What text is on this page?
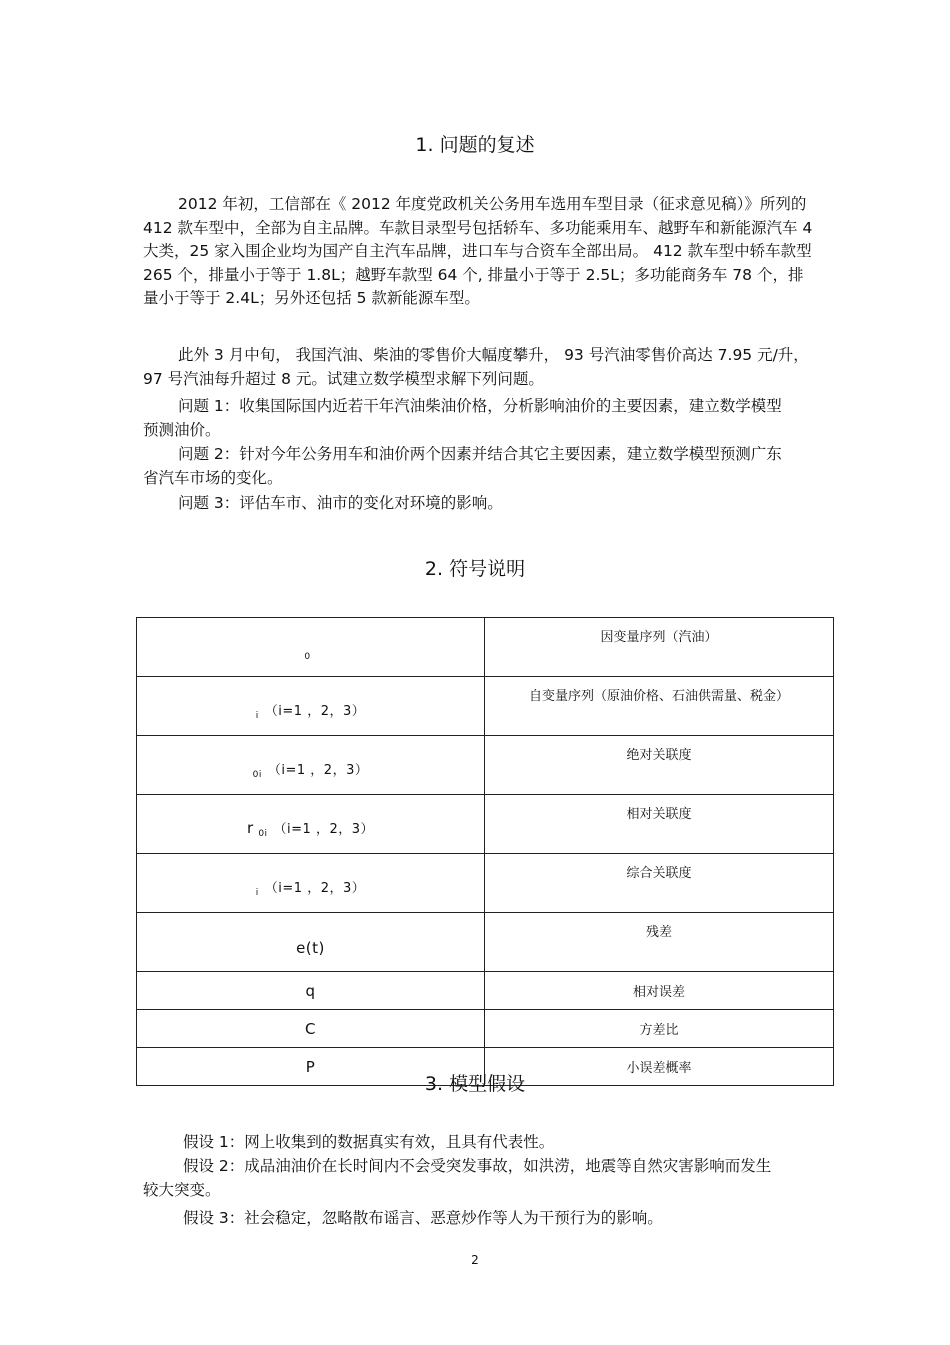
1. 问题的复述

2012 年初，工信部在《 2012 年度党政机关公务用车选用车型目录（征求意见稿）》所列的 412 款车型中，全部为自主品牌。车款目录型号包括轿车、多功能乘用车、越野车和新能源汽车 4 大类，25 家入围企业均为国产自主汽车品牌，进口车与合资车全部出局。 412 款车型中轿车款型 265 个，排量小于等于 1.8L；越野车款型 64 个, 排量小于等于 2.5L；多功能商务车 78 个，排量小于等于 2.4L；另外还包括 5 款新能源车型。

此外 3 月中旬， 我国汽油、柴油的零售价大幅度攀升， 93 号汽油零售价高达 7.95 元/升，97 号汽油每升超过 8 元。试建立数学模型求解下列问题。

问题 1：收集国际国内近若干年汽油柴油价格，分析影响油价的主要因素，建立数学模型预测油价。

问题 2：针对今年公务用车和油价两个因素并结合其它主要因素，建立数学模型预测广东省汽车市场的变化。

问题 3：评估车市、油市的变化对环境的影响。

2. 符号说明
$_0$	因变量序列（汽油）
$_i$ （i=1 ，2，3）	自变量序列（原油价格、石油供需量、税金）
$_{0i}$ （i=1 ，2，3）	绝对关联度
r $_{0i}$ （i=1 ，2，3）	相对关联度
$_i$ （i=1 ，2，3）	综合关联度
e(t)	残差
q	相对误差
C	方差比
P	小误差概率
3. 模型假设

假设 1：网上收集到的数据真实有效，且具有代表性。

假设 2：成品油油价在长时间内不会受突发事故，如洪涝，地震等自然灾害影响而发生较大突变。

假设 3：社会稳定，忽略散布谣言、恶意炒作等人为干预行为的影响。

2
